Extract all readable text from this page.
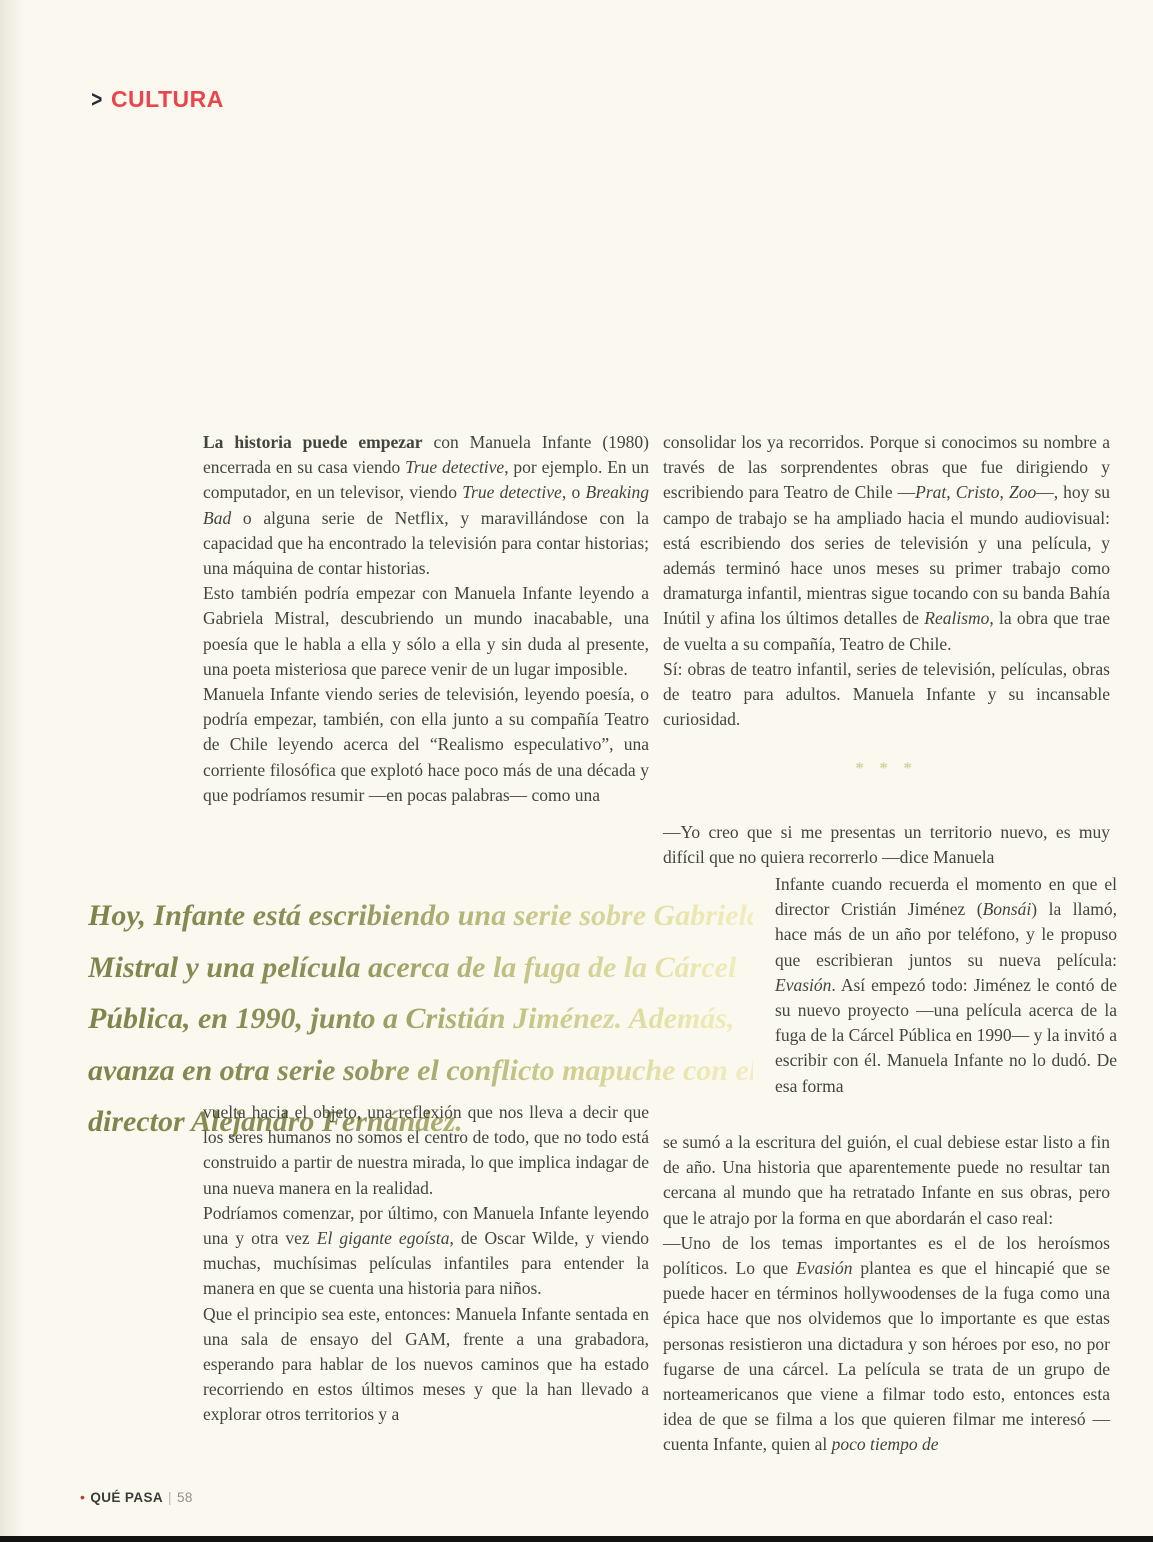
> CULTURA

La historia puede empezar con Manuela Infante (1980) encerrada en su casa viendo True detective, por ejemplo. En un computador, en un televisor, viendo True detective, o Breaking Bad o alguna serie de Netflix, y maravillándose con la capacidad que ha encontrado la televisión para contar historias; una máquina de contar historias.

Esto también podría empezar con Manuela Infante leyendo a Gabriela Mistral, descubriendo un mundo inacabable, una poesía que le habla a ella y sólo a ella y sin duda al presente, una poeta misteriosa que parece venir de un lugar imposible.

Manuela Infante viendo series de televisión, leyendo poesía, o podría empezar, también, con ella junto a su compañía Teatro de Chile leyendo acerca del “Realismo especulativo”, una corriente filosófica que explotó hace poco más de una década y que podríamos resumir —en pocas palabras— como una

consolidar los ya recorridos. Porque si conocimos su nombre a través de las sorprendentes obras que fue dirigiendo y escribiendo para Teatro de Chile —Prat, Cristo, Zoo—, hoy su campo de trabajo se ha ampliado hacia el mundo audiovisual: está escribiendo dos series de televisión y una película, y además terminó hace unos meses su primer trabajo como dramaturga infantil, mientras sigue tocando con su banda Bahía Inútil y afina los últimos detalles de Realismo, la obra que trae de vuelta a su compañía, Teatro de Chile.

Sí: obras de teatro infantil, series de televisión, películas, obras de teatro para adultos. Manuela Infante y su incansable curiosidad.

* * *
Hoy, Infante está escribiendo una serie sobre Gabriela
Mistral y una película acerca de la fuga de la Cárcel
Pública, en 1990, junto a Cristián Jiménez. Además,
avanza en otra serie sobre el conflicto mapuche con el
director Alejandro Fernández.

—Yo creo que si me presentas un territorio nuevo, es muy difícil que no quiera recorrerlo —dice Manuela

Infante cuando recuerda el momento en que el director Cristián Jiménez (Bonsái) la llamó, hace más de un año por teléfono, y le propuso que escribieran juntos su nueva película: Evasión. Así empezó todo: Jiménez le contó de su nuevo proyecto —una película acerca de la fuga de la Cárcel Pública en 1990— y la invitó a escribir con él. Manuela Infante no lo dudó. De esa forma

se sumó a la escritura del guión, el cual debiese estar listo a fin de año. Una historia que aparentemente puede no resultar tan cercana al mundo que ha retratado Infante en sus obras, pero que le atrajo por la forma en que abordarán el caso real:

—Uno de los temas importantes es el de los heroísmos políticos. Lo que Evasión plantea es que el hincapié que se puede hacer en términos hollywoodenses de la fuga como una épica hace que nos olvidemos que lo importante es que estas personas resistieron una dictadura y son héroes por eso, no por fugarse de una cárcel. La película se trata de un grupo de norteamericanos que viene a filmar todo esto, entonces esta idea de que se filma a los que quieren filmar me interesó —cuenta Infante, quien al poco tiempo de

vuelta hacia el objeto, una reflexión que nos lleva a decir que los seres humanos no somos el centro de todo, que no todo está construido a partir de nuestra mirada, lo que implica indagar de una nueva manera en la realidad.

Podríamos comenzar, por último, con Manuela Infante leyendo una y otra vez El gigante egoísta, de Oscar Wilde, y viendo muchas, muchísimas películas infantiles para entender la manera en que se cuenta una historia para niños.

Que el principio sea este, entonces: Manuela Infante sentada en una sala de ensayo del GAM, frente a una grabadora, esperando para hablar de los nuevos caminos que ha estado recorriendo en estos últimos meses y que la han llevado a explorar otros territorios y a

• QUÉ PASA | 58
